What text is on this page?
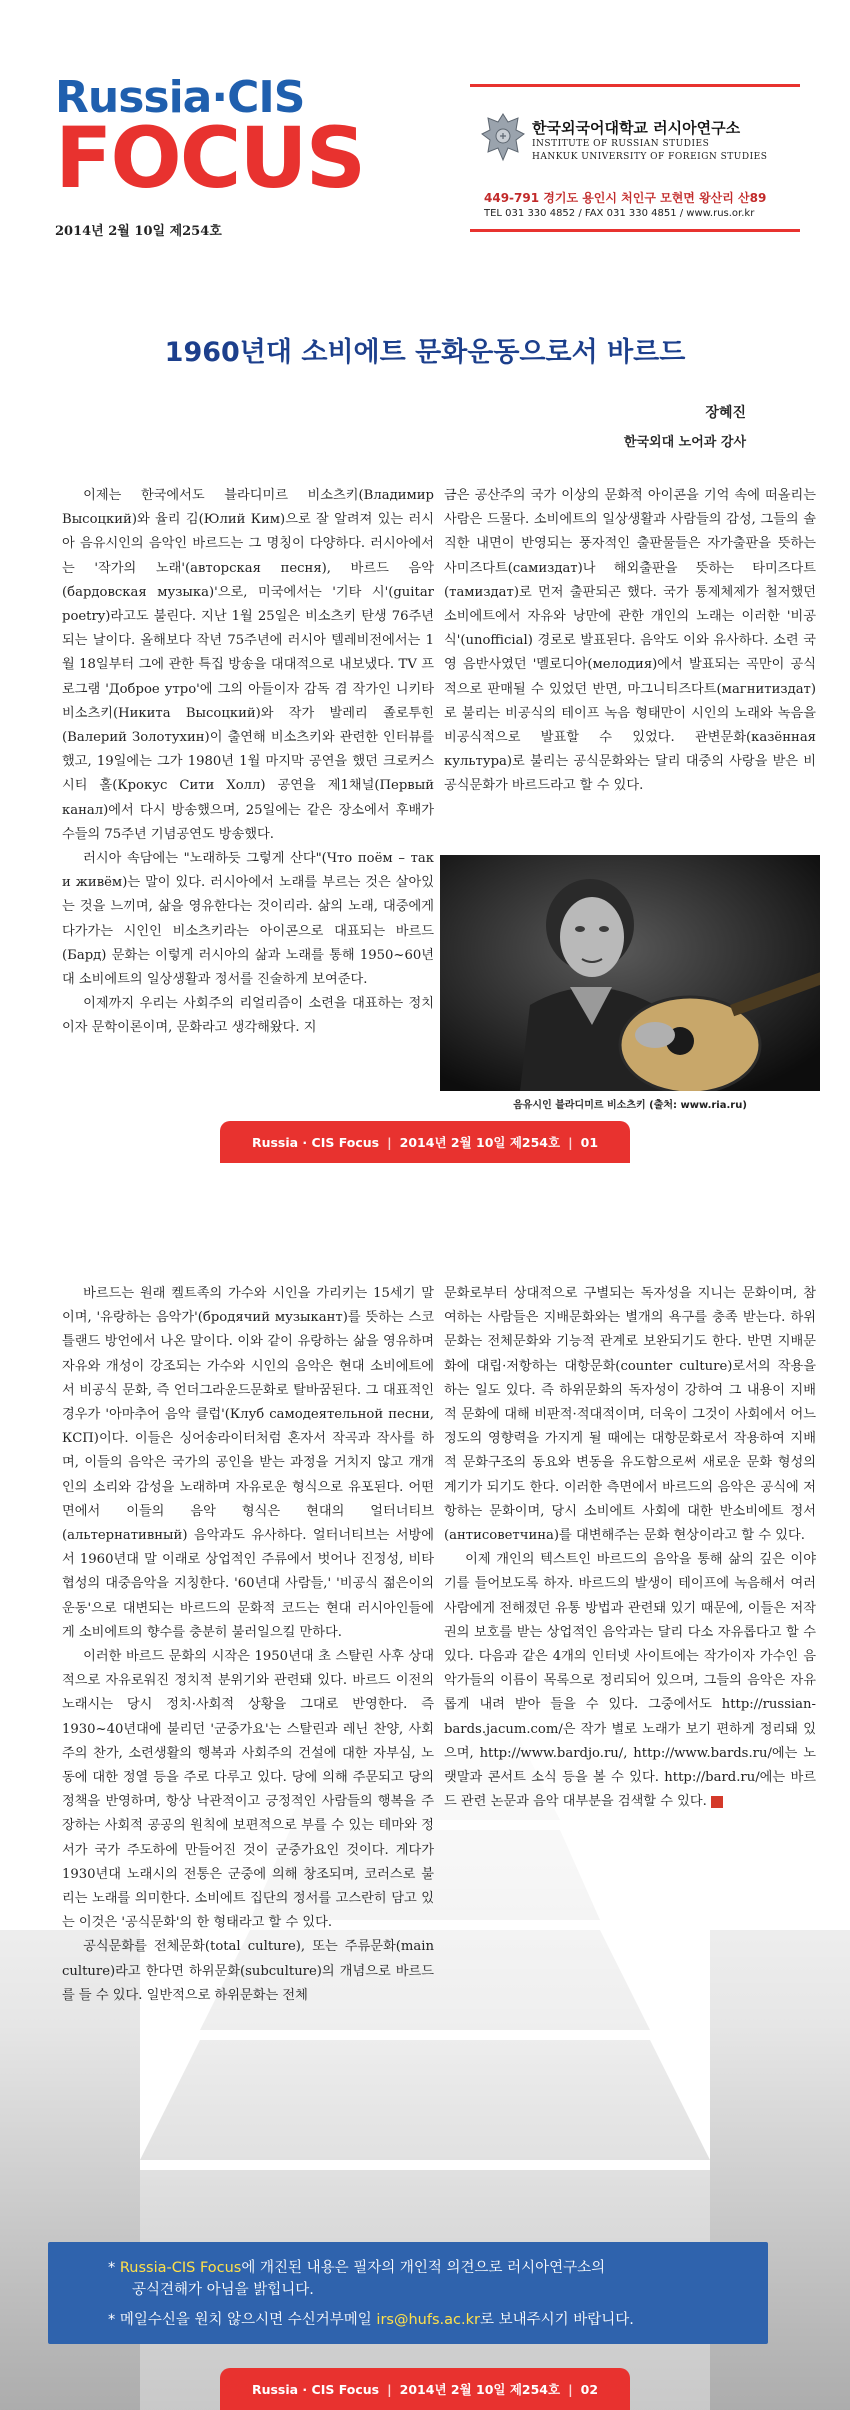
Russia·CIS
FOCUS
2014년 2월 10일 제254호
한국외국어대학교 러시아연구소
INSTITUTE OF RUSSIAN STUDIES
HANKUK UNIVERSITY OF FOREIGN STUDIES
449-791 경기도 용인시 처인구 모현면 왕산리 산89
TEL 031 330 4852 / FAX 031 330 4851 / www.rus.or.kr
1960년대 소비에트 문화운동으로서 바르드
장혜진
한국외대 노어과 강사

이제는 한국에서도 블라디미르 비소츠키(Владимир Высоцкий)와 율리 김(Юлий Ким)으로 잘 알려져 있는 러시아 음유시인의 음악인 바르드는 그 명칭이 다양하다. 러시아에서는 '작가의 노래'(авторская песня), 바르드 음악(бардовская музыка)'으로, 미국에서는 '기타 시'(guitar poetry)라고도 불린다. 지난 1월 25일은 비소츠키 탄생 76주년 되는 날이다. 올해보다 작년 75주년에 러시아 텔레비전에서는 1월 18일부터 그에 관한 특집 방송을 대대적으로 내보냈다. TV 프로그램 'Доброе утро'에 그의 아들이자 감독 겸 작가인 니키타 비소츠키(Никита Высоцкий)와 작가 발레리 졸로투힌(Валерий Золотухин)이 출연해 비소츠키와 관련한 인터뷰를 했고, 19일에는 그가 1980년 1월 마지막 공연을 했던 크로커스 시티 홀(Крокус Сити Холл) 공연을 제1채널(Первый канал)에서 다시 방송했으며, 25일에는 같은 장소에서 후배가수들의 75주년 기념공연도 방송했다.

러시아 속담에는 "노래하듯 그렇게 산다"(Что поём – так и живём)는 말이 있다. 러시아에서 노래를 부르는 것은 살아있는 것을 느끼며, 삶을 영유한다는 것이리라. 삶의 노래, 대중에게 다가가는 시인인 비소츠키라는 아이콘으로 대표되는 바르드(Бард) 문화는 이렇게 러시아의 삶과 노래를 통해 1950~60년대 소비에트의 일상생활과 정서를 진술하게 보여준다.

이제까지 우리는 사회주의 리얼리즘이 소련을 대표하는 정치이자 문학이론이며, 문화라고 생각해왔다. 지

금은 공산주의 국가 이상의 문화적 아이콘을 기억 속에 떠올리는 사람은 드물다. 소비에트의 일상생활과 사람들의 감성, 그들의 솔직한 내면이 반영되는 풍자적인 출판물들은 자가출판을 뜻하는 사미즈다트(самиздат)나 해외출판을 뜻하는 타미즈다트(тамиздат)로 먼저 출판되곤 했다. 국가 통제체제가 철저했던 소비에트에서 자유와 낭만에 관한 개인의 노래는 이러한 '비공식'(unofficial) 경로로 발표된다. 음악도 이와 유사하다. 소련 국영 음반사였던 '멜로디아(мелодия)에서 발표되는 곡만이 공식적으로 판매될 수 있었던 반면, 마그니티즈다트(магнитиздат)로 불리는 비공식의 테이프 녹음 형태만이 시인의 노래와 녹음을 비공식적으로 발표할 수 있었다. 관변문화(казённая культура)로 불리는 공식문화와는 달리 대중의 사랑을 받은 비공식문화가 바르드라고 할 수 있다.

음유시인 블라디미르 비소츠키 (출처: www.ria.ru)
Russia · CIS Focus | 2014년 2월 10일 제254호 | 01

바르드는 원래 켈트족의 가수와 시인을 가리키는 15세기 말이며, '유랑하는 음악가'(бродячий музыкант)를 뜻하는 스코틀랜드 방언에서 나온 말이다. 이와 같이 유랑하는 삶을 영유하며 자유와 개성이 강조되는 가수와 시인의 음악은 현대 소비에트에서 비공식 문화, 즉 언더그라운드문화로 탈바꿈된다. 그 대표적인 경우가 '아마추어 음악 클럽'(Клуб самодеятельной песни, КСП)이다. 이들은 싱어송라이터처럼 혼자서 작곡과 작사를 하며, 이들의 음악은 국가의 공인을 받는 과정을 거치지 않고 개개인의 소리와 감성을 노래하며 자유로운 형식으로 유포된다. 어떤 면에서 이들의 음악 형식은 현대의 얼터너티브(альтернативный) 음악과도 유사하다. 얼터너티브는 서방에서 1960년대 말 이래로 상업적인 주류에서 벗어나 진정성, 비타협성의 대중음악을 지칭한다. '60년대 사람들,' '비공식 젊은이의 운동'으로 대변되는 바르드의 문화적 코드는 현대 러시아인들에게 소비에트의 향수를 충분히 불러일으킬 만하다.

이러한 바르드 문화의 시작은 1950년대 초 스탈린 사후 상대적으로 자유로워진 정치적 분위기와 관련돼 있다. 바르드 이전의 노래시는 당시 정치·사회적 상황을 그대로 반영한다. 즉 1930~40년대에 불리던 '군중가요'는 스탈린과 레닌 찬양, 사회주의 찬가, 소련생활의 행복과 사회주의 건설에 대한 자부심, 노동에 대한 정열 등을 주로 다루고 있다. 당에 의해 주문되고 당의 정책을 반영하며, 항상 낙관적이고 긍정적인 사람들의 행복을 주장하는 사회적 공공의 원칙에 보편적으로 부를 수 있는 테마와 정서가 국가 주도하에 만들어진 것이 군중가요인 것이다. 게다가 1930년대 노래시의 전통은 군중에 의해 창조되며, 코러스로 불리는 노래를 의미한다. 소비에트 집단의 정서를 고스란히 담고 있는 이것은 '공식문화'의 한 형태라고 할 수 있다.

공식문화를 전체문화(total culture), 또는 주류문화(main culture)라고 한다면 하위문화(subculture)의 개념으로 바르드를 들 수 있다. 일반적으로 하위문화는 전체

문화로부터 상대적으로 구별되는 독자성을 지니는 문화이며, 참여하는 사람들은 지배문화와는 별개의 욕구를 충족 받는다. 하위문화는 전체문화와 기능적 관계로 보완되기도 한다. 반면 지배문화에 대립·저항하는 대항문화(counter culture)로서의 작용을 하는 일도 있다. 즉 하위문화의 독자성이 강하여 그 내용이 지배적 문화에 대해 비판적·적대적이며, 더욱이 그것이 사회에서 어느 정도의 영향력을 가지게 될 때에는 대항문화로서 작용하여 지배적 문화구조의 동요와 변동을 유도함으로써 새로운 문화 형성의 계기가 되기도 한다. 이러한 측면에서 바르드의 음악은 공식에 저항하는 문화이며, 당시 소비에트 사회에 대한 반소비에트 정서(антисоветчина)를 대변해주는 문화 현상이라고 할 수 있다.

이제 개인의 텍스트인 바르드의 음악을 통해 삶의 깊은 이야기를 들어보도록 하자. 바르드의 발생이 테이프에 녹음해서 여러 사람에게 전해졌던 유통 방법과 관련돼 있기 때문에, 이들은 저작권의 보호를 받는 상업적인 음악과는 달리 다소 자유롭다고 할 수 있다. 다음과 같은 4개의 인터넷 사이트에는 작가이자 가수인 음악가들의 이름이 목록으로 정리되어 있으며, 그들의 음악은 자유롭게 내려 받아 들을 수 있다. 그중에서도 http://russian-bards.jacum.com/은 작가 별로 노래가 보기 편하게 정리돼 있으며, http://www.bardjo.ru/, http://www.bards.ru/에는 노랫말과 콘서트 소식 등을 볼 수 있다. http://bard.ru/에는 바르드 관련 논문과 음악 대부분을 검색할 수 있다.	R

* Russia-CIS Focus에 개진된 내용은 필자의 개인적 의견으로 러시아연구소의
공식견해가 아님을 밝힙니다.
* 메일수신을 원치 않으시면 수신거부메일 irs@hufs.ac.kr로 보내주시기 바랍니다.
Russia · CIS Focus | 2014년 2월 10일 제254호 | 02
